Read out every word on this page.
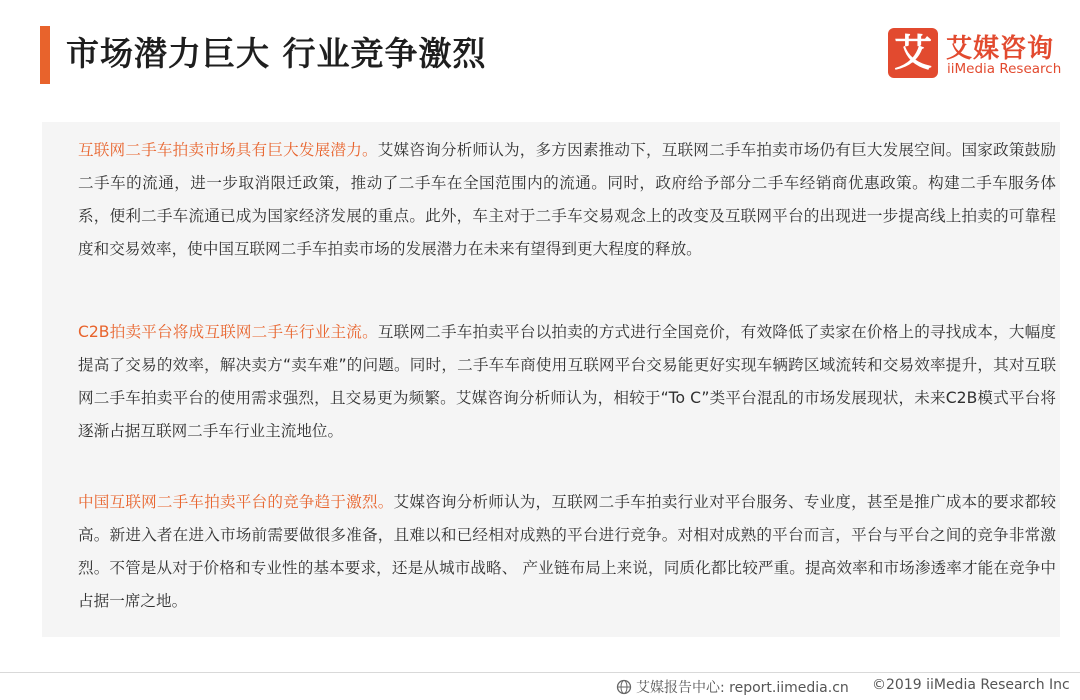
市场潜力巨大 行业竞争激烈	艾 艾媒咨询
iiMedia Research
互联网二手车拍卖市场具有巨大发展潜力。艾媒咨询分析师认为，多方因素推动下，互联网二手车拍卖市场仍有巨大发展空间。国家政策鼓励二手车的流通，进一步取消限迁政策，推动了二手车在全国范围内的流通。同时，政府给予部分二手车经销商优惠政策。构建二手车服务体系，便利二手车流通已成为国家经济发展的重点。此外，车主对于二手车交易观念上的改变及互联网平台的出现进一步提高线上拍卖的可靠程度和交易效率，使中国互联网二手车拍卖市场的发展潜力在未来有望得到更大程度的释放。
C2B拍卖平台将成互联网二手车行业主流。互联网二手车拍卖平台以拍卖的方式进行全国竞价，有效降低了卖家在价格上的寻找成本，大幅度提高了交易的效率，解决卖方“卖车难”的问题。同时，二手车车商使用互联网平台交易能更好实现车辆跨区域流转和交易效率提升，其对互联网二手车拍卖平台的使用需求强烈，且交易更为频繁。艾媒咨询分析师认为，相较于“To C”类平台混乱的市场发展现状，未来C2B模式平台将逐渐占据互联网二手车行业主流地位。
中国互联网二手车拍卖平台的竞争趋于激烈。艾媒咨询分析师认为，互联网二手车拍卖行业对平台服务、专业度，甚至是推广成本的要求都较高。新进入者在进入市场前需要做很多准备，且难以和已经相对成熟的平台进行竞争。对相对成熟的平台而言，平台与平台之间的竞争非常激烈。不管是从对于价格和专业性的基本要求，还是从城市战略、 产业链布局上来说，同质化都比较严重。提高效率和市场渗透率才能在竞争中占据一席之地。
艾媒报告中心: report.iimedia.cn ©2019 iiMedia Research Inc
